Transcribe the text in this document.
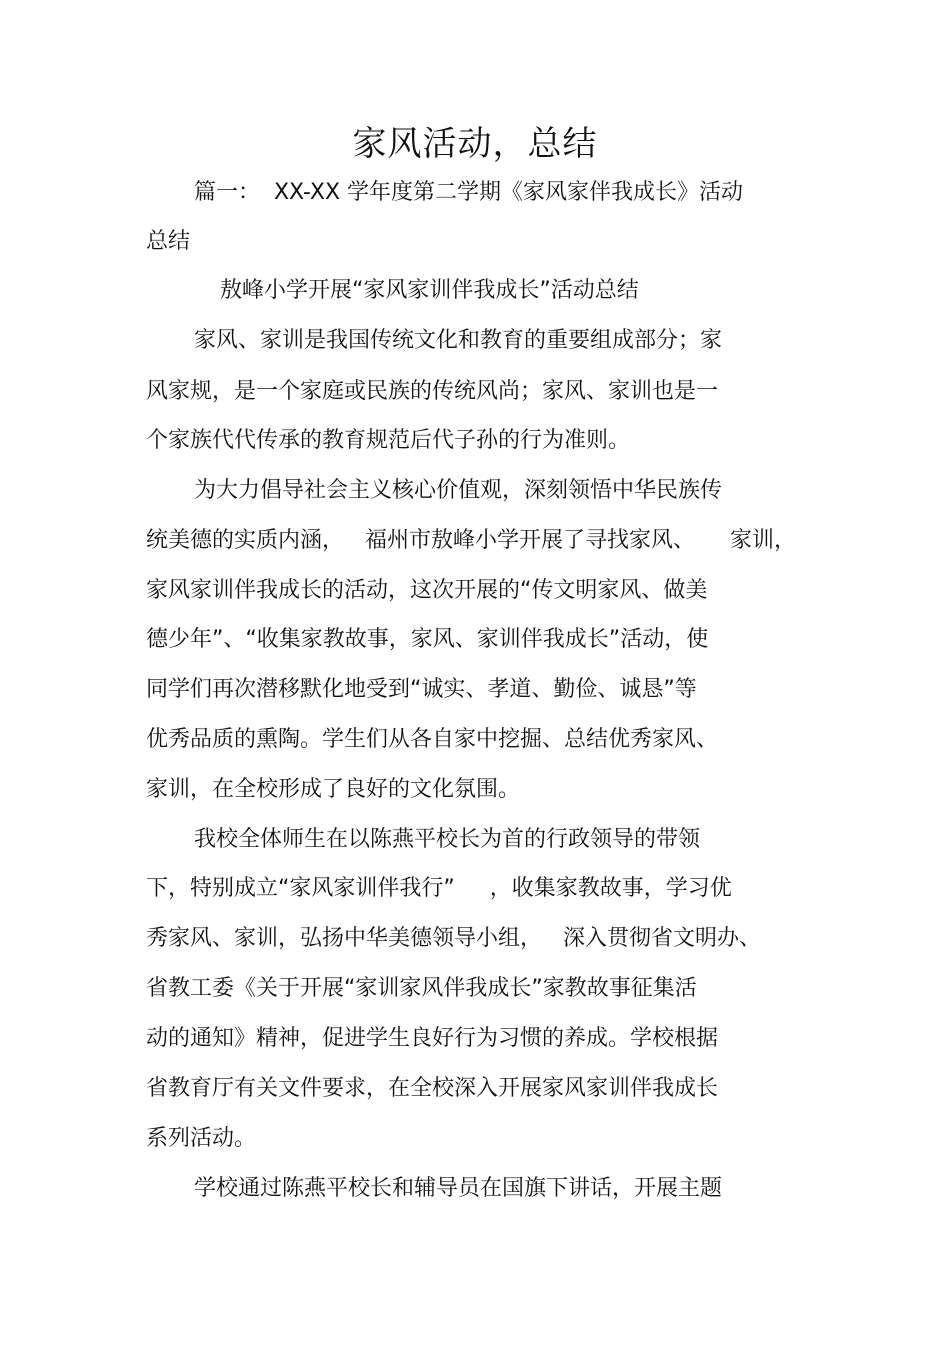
家风活动，总结
篇一：  XX-XX 学年度第二学期《家风家伴我成长》活动
总结
敖峰小学开展“家风家训伴我成长”活动总结
家风、家训是我国传统文化和教育的重要组成部分；家
风家规，是一个家庭或民族的传统风尚；家风、家训也是一
个家族代代传承的教育规范后代子孙的行为准则。
为大力倡导社会主义核心价值观，深刻领悟中华民族传
统美德的实质内涵，   福州市敖峰小学开展了寻找家风、     家训，
家风家训伴我成长的活动，这次开展的“传文明家风、做美
德少年”、“收集家教故事，家风、家训伴我成长”活动，使
同学们再次潜移默化地受到“诚实、孝道、勤俭、诚恳”等
优秀品质的熏陶。学生们从各自家中挖掘、总结优秀家风、
家训，在全校形成了良好的文化氛围。
我校全体师生在以陈燕平校长为首的行政领导的带领
下，特别成立“家风家训伴我行”     ，收集家教故事，学习优
秀家风、家训，弘扬中华美德领导小组，   深入贯彻省文明办、
省教工委《关于开展“家训家风伴我成长”家教故事征集活
动的通知》精神，促进学生良好行为习惯的养成。学校根据
省教育厅有关文件要求，在全校深入开展家风家训伴我成长
系列活动。
学校通过陈燕平校长和辅导员在国旗下讲话，开展主题
